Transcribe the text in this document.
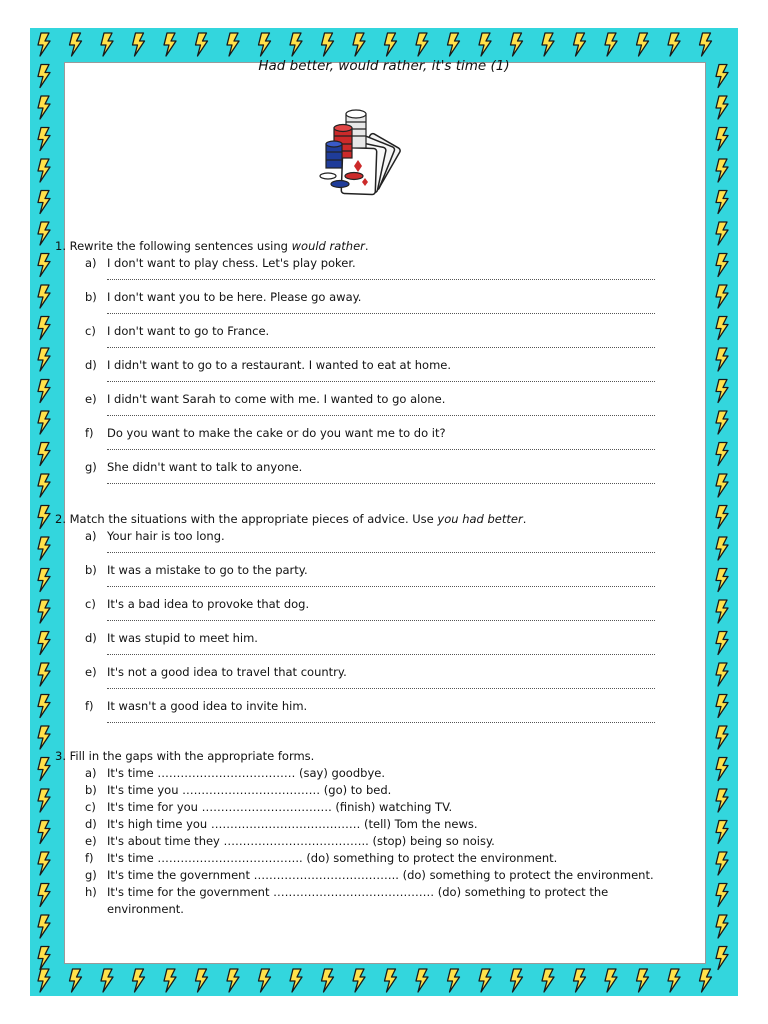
Had better, would rather, it's time (1)
1. Rewrite the following sentences using would rather.
a) I don't want to play chess. Let's play poker.
b) I don't want you to be here. Please go away.
c) I don't want to go to France.
d) I didn't want to go to a restaurant. I wanted to eat at home.
e) I didn't want Sarah to come with me. I wanted to go alone.
f) Do you want to make the cake or do you want me to do it?
g) She didn't want to talk to anyone.
2. Match the situations with the appropriate pieces of advice. Use you had better.
a) Your hair is too long.
b) It was a mistake to go to the party.
c) It's a bad idea to provoke that dog.
d) It was stupid to meet him.
e) It's not a good idea to travel that country.
f) It wasn't a good idea to invite him.
3. Fill in the gaps with the appropriate forms.
a) It's time ……………………………… (say) goodbye.
b) It's time you ……………………………… (go) to bed.
c) It's time for you ……………………………. (finish) watching TV.
d) It's high time you ………………………………… (tell) Tom the news.
e) It's about time they ……………………………….. (stop) being so noisy.
f) It's time ……………………………….. (do) something to protect the environment.
g) It's time the government ……………………………….. (do) something to protect the environment.
h) It's time for the government …………………………………… (do) something to protect the environment.
